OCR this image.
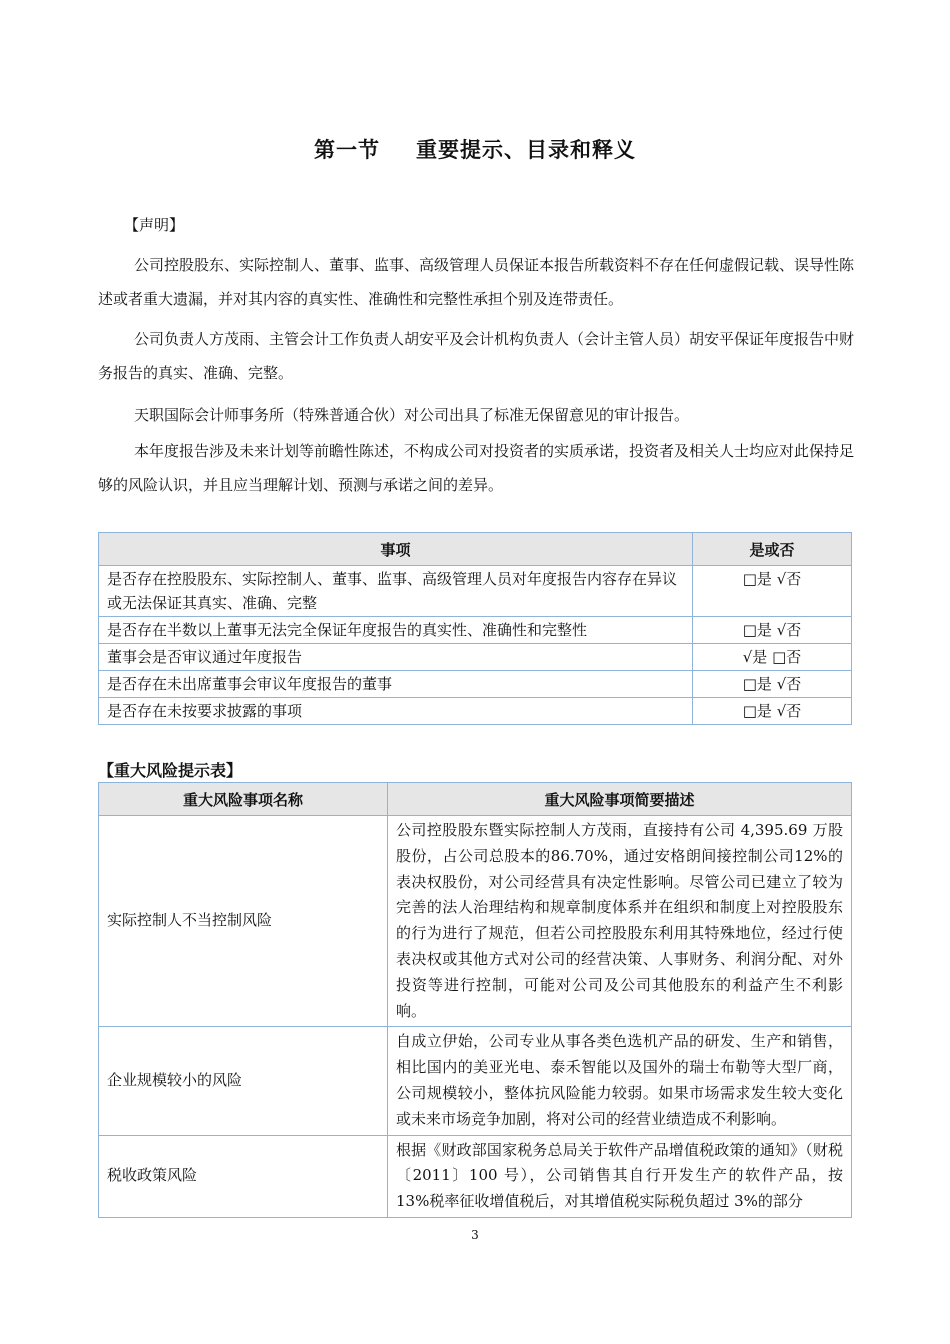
第一节 重要提示、目录和释义
【声明】

公司控股股东、实际控制人、董事、监事、高级管理人员保证本报告所载资料不存在任何虚假记载、误导性陈述或者重大遗漏，并对其内容的真实性、准确性和完整性承担个别及连带责任。

公司负责人方茂雨、主管会计工作负责人胡安平及会计机构负责人（会计主管人员）胡安平保证年度报告中财务报告的真实、准确、完整。

天职国际会计师事务所（特殊普通合伙）对公司出具了标准无保留意见的审计报告。

本年度报告涉及未来计划等前瞻性陈述，不构成公司对投资者的实质承诺，投资者及相关人士均应对此保持足够的风险认识，并且应当理解计划、预测与承诺之间的差异。

事项	是或否
是否存在控股股东、实际控制人、董事、监事、高级管理人员对年度报告内容存在异议或无法保证其真实、准确、完整	□是 √否
是否存在半数以上董事无法完全保证年度报告的真实性、准确性和完整性	□是 √否
董事会是否审议通过年度报告	√是 □否
是否存在未出席董事会审议年度报告的董事	□是 √否
是否存在未按要求披露的事项	□是 √否
【重大风险提示表】
重大风险事项名称	重大风险事项简要描述
实际控制人不当控制风险	公司控股股东暨实际控制人方茂雨，直接持有公司 4,395.69 万股股份，占公司总股本的86.70%，通过安格朗间接控制公司12%的表决权股份，对公司经营具有决定性影响。尽管公司已建立了较为完善的法人治理结构和规章制度体系并在组织和制度上对控股股东的行为进行了规范，但若公司控股股东利用其特殊地位，经过行使表决权或其他方式对公司的经营决策、人事财务、利润分配、对外投资等进行控制，可能对公司及公司其他股东的利益产生不利影响。
企业规模较小的风险	自成立伊始，公司专业从事各类色选机产品的研发、生产和销售，相比国内的美亚光电、泰禾智能以及国外的瑞士布勒等大型厂商，公司规模较小，整体抗风险能力较弱。如果市场需求发生较大变化或未来市场竞争加剧，将对公司的经营业绩造成不利影响。
税收政策风险	根据《财政部国家税务总局关于软件产品增值税政策的通知》（财税〔2011〕100 号），公司销售其自行开发生产的软件产品，按 13%税率征收增值税后，对其增值税实际税负超过 3%的部分
3
